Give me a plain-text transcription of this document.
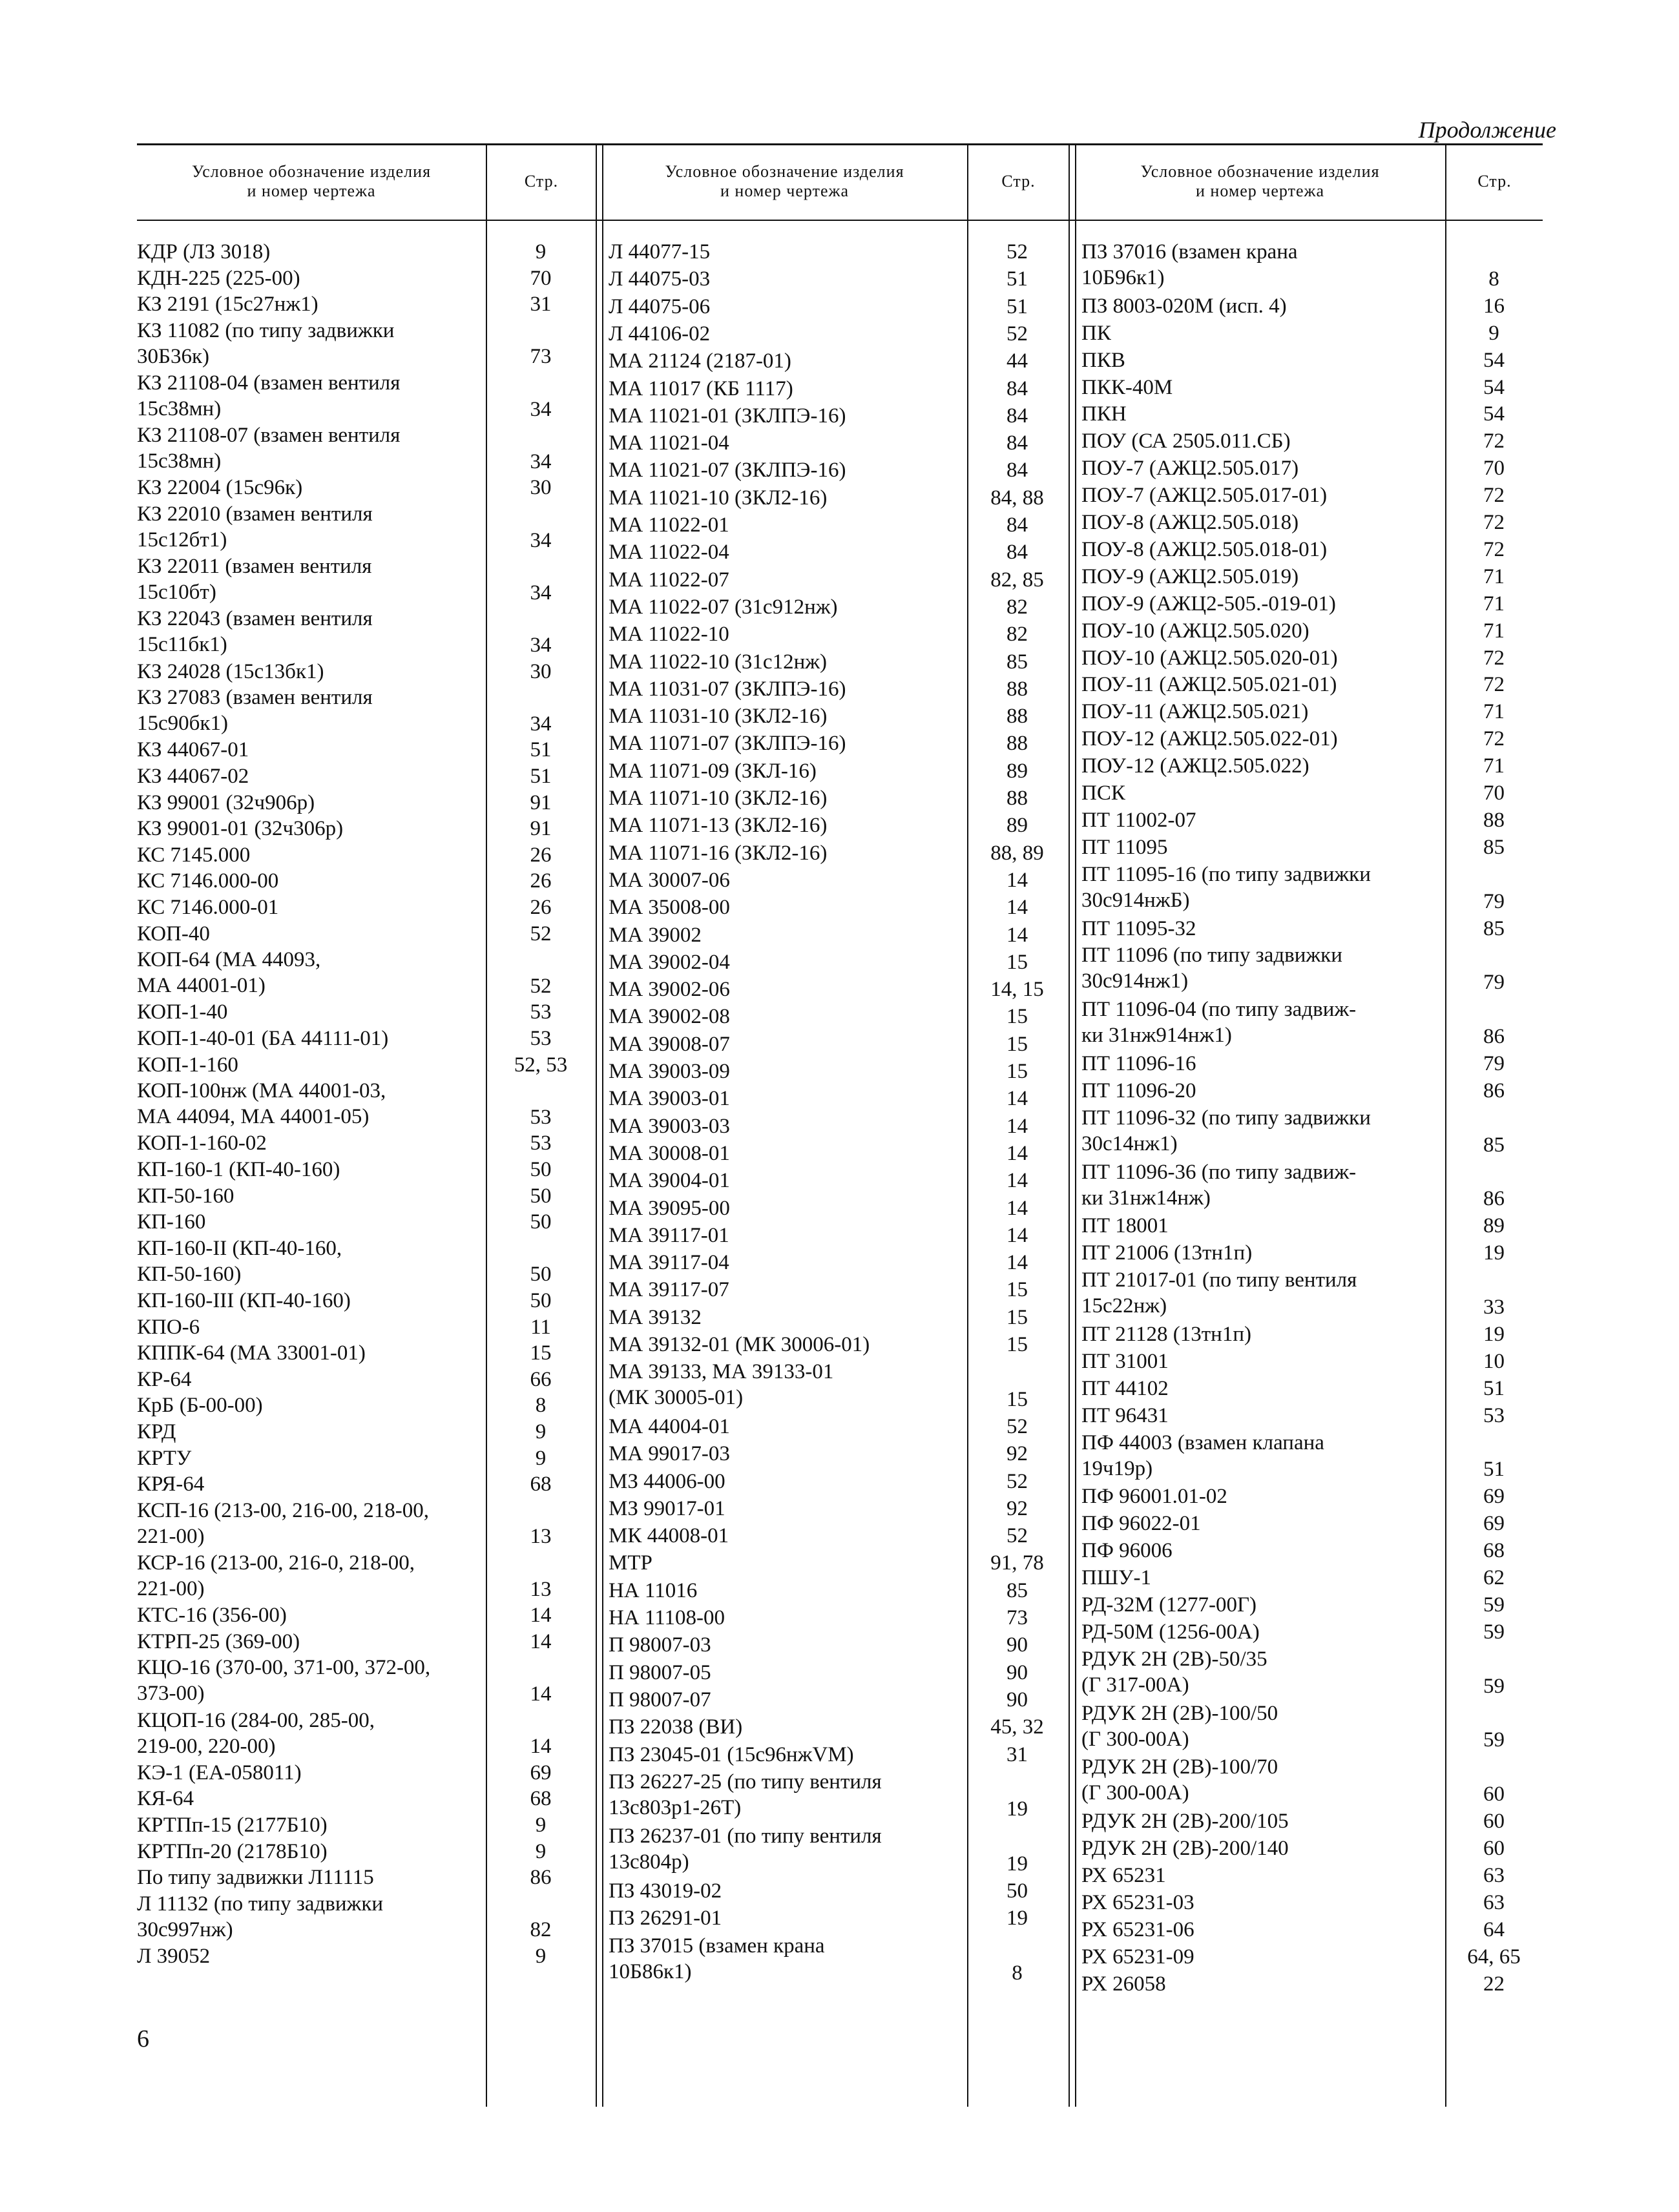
Продолжение
Условное обозначение изделия
и номер чертежа
Стр.
Условное обозначение изделия
и номер чертежа
Стр.
Условное обозначение изделия
и номер чертежа
Стр.
КДР (ЛЗ 3018)	9
КДН-225 (225-00)	70
КЗ 2191 (15с27нж1)	31
КЗ 11082 (по типу задвижки
30Б36к)	73
КЗ 21108-04 (взамен вентиля
15с38мн)	34
КЗ 21108-07 (взамен вентиля
15с38мн)	34
КЗ 22004 (15с96к)	30
КЗ 22010 (взамен вентиля
15с12бт1)	34
КЗ 22011 (взамен вентиля
15с10бт)	34
КЗ 22043 (взамен вентиля
15с11бк1)	34
КЗ 24028 (15с13бк1)	30
КЗ 27083 (взамен вентиля
15с90бк1)	34
КЗ 44067-01	51
КЗ 44067-02	51
КЗ 99001 (32ч906р)	91
КЗ 99001-01 (32ч306р)	91
КС 7145.000	26
КС 7146.000-00	26
КС 7146.000-01	26
КОП-40	52
КОП-64 (МА 44093,
МА 44001-01)	52
КОП-1-40	53
КОП-1-40-01 (БА 44111-01)	53
КОП-1-160	52, 53
КОП-100нж (МА 44001-03,
МА 44094, МА 44001-05)	53
КОП-1-160-02	53
КП-160-1 (КП-40-160)	50
КП-50-160	50
КП-160	50
КП-160-II (КП-40-160,
КП-50-160)	50
КП-160-III (КП-40-160)	50
КПО-6	11
КППК-64 (МА 33001-01)	15
КР-64	66
КрБ (Б-00-00)	8
КРД	9
КРТУ	9
КРЯ-64	68
КСП-16 (213-00, 216-00, 218-00,
221-00)	13
КСР-16 (213-00, 216-0, 218-00,
221-00)	13
КТС-16 (356-00)	14
КТРП-25 (369-00)	14
КЦО-16 (370-00, 371-00, 372-00,
373-00)	14
КЦОП-16 (284-00, 285-00,
219-00, 220-00)	14
КЭ-1 (ЕА-058011)	69
КЯ-64	68
КРТПп-15 (2177Б10)	9
КРТПп-20 (2178Б10)	9
По типу задвижки Л11115	86
Л 11132 (по типу задвижки
30с997нж)	82
Л 39052	9
Л 44077-15	52
Л 44075-03	51
Л 44075-06	51
Л 44106-02	52
МА 21124 (2187-01)	44
МА 11017 (КБ 1117)	84
МА 11021-01 (ЗКЛПЭ-16)	84
МА 11021-04	84
МА 11021-07 (ЗКЛПЭ-16)	84
МА 11021-10 (ЗКЛ2-16)	84, 88
МА 11022-01	84
МА 11022-04	84
МА 11022-07	82, 85
МА 11022-07 (31с912нж)	82
МА 11022-10	82
МА 11022-10 (31с12нж)	85
МА 11031-07 (ЗКЛПЭ-16)	88
МА 11031-10 (ЗКЛ2-16)	88
МА 11071-07 (ЗКЛПЭ-16)	88
МА 11071-09 (ЗКЛ-16)	89
МА 11071-10 (ЗКЛ2-16)	88
МА 11071-13 (ЗКЛ2-16)	89
МА 11071-16 (ЗКЛ2-16)	88, 89
МА 30007-06	14
МА 35008-00	14
МА 39002	14
МА 39002-04	15
МА 39002-06	14, 15
МА 39002-08	15
МА 39008-07	15
МА 39003-09	15
МА 39003-01	14
МА 39003-03	14
МА 30008-01	14
МА 39004-01	14
МА 39095-00	14
МА 39117-01	14
МА 39117-04	14
МА 39117-07	15
МА 39132	15
МА 39132-01 (МК 30006-01)	15
МА 39133, МА 39133-01
(МК 30005-01)	15
МА 44004-01	52
МА 99017-03	92
МЗ 44006-00	52
МЗ 99017-01	92
МК 44008-01	52
МТР	91, 78
НА 11016	85
НА 11108-00	73
П 98007-03	90
П 98007-05	90
П 98007-07	90
ПЗ 22038 (ВИ)	45, 32
ПЗ 23045-01 (15с96нжVM)	31
ПЗ 26227-25 (по типу вентиля
13с803р1-26Т)	19
ПЗ 26237-01 (по типу вентиля
13с804р)	19
ПЗ 43019-02	50
ПЗ 26291-01	19
ПЗ 37015 (взамен крана
10Б86к1)	8
ПЗ 37016 (взамен крана
10Б96к1)	8
ПЗ 8003-020М (исп. 4)	16
ПК	9
ПКВ	54
ПКК-40М	54
ПКН	54
ПОУ (СА 2505.011.СБ)	72
ПОУ-7 (АЖЦ2.505.017)	70
ПОУ-7 (АЖЦ2.505.017-01)	72
ПОУ-8 (АЖЦ2.505.018)	72
ПОУ-8 (АЖЦ2.505.018-01)	72
ПОУ-9 (АЖЦ2.505.019)	71
ПОУ-9 (АЖЦ2-505.-019-01)	71
ПОУ-10 (АЖЦ2.505.020)	71
ПОУ-10 (АЖЦ2.505.020-01)	72
ПОУ-11 (АЖЦ2.505.021-01)	72
ПОУ-11 (АЖЦ2.505.021)	71
ПОУ-12 (АЖЦ2.505.022-01)	72
ПОУ-12 (АЖЦ2.505.022)	71
ПСК	70
ПТ 11002-07	88
ПТ 11095	85
ПТ 11095-16 (по типу задвижки
30с914нжБ)	79
ПТ 11095-32	85
ПТ 11096 (по типу задвижки
30с914нж1)	79
ПТ 11096-04 (по типу задвиж-
ки 31нж914нж1)	86
ПТ 11096-16	79
ПТ 11096-20	86
ПТ 11096-32 (по типу задвижки
30с14нж1)	85
ПТ 11096-36 (по типу задвиж-
ки 31нж14нж)	86
ПТ 18001	89
ПТ 21006 (13тн1п)	19
ПТ 21017-01 (по типу вентиля
15с22нж)	33
ПТ 21128 (13тн1п)	19
ПТ 31001	10
ПТ 44102	51
ПТ 96431	53
ПФ 44003 (взамен клапана
19ч19р)	51
ПФ 96001.01-02	69
ПФ 96022-01	69
ПФ 96006	68
ПШУ-1	62
РД-32М (1277-00Г)	59
РД-50М (1256-00А)	59
РДУК 2Н (2В)-50/35
(Г 317-00А)	59
РДУК 2Н (2В)-100/50
(Г 300-00А)	59
РДУК 2Н (2В)-100/70
(Г 300-00А)	60
РДУК 2Н (2В)-200/105	60
РДУК 2Н (2В)-200/140	60
РХ 65231	63
РХ 65231-03	63
РХ 65231-06	64
РХ 65231-09	64, 65
РХ 26058	22
6
